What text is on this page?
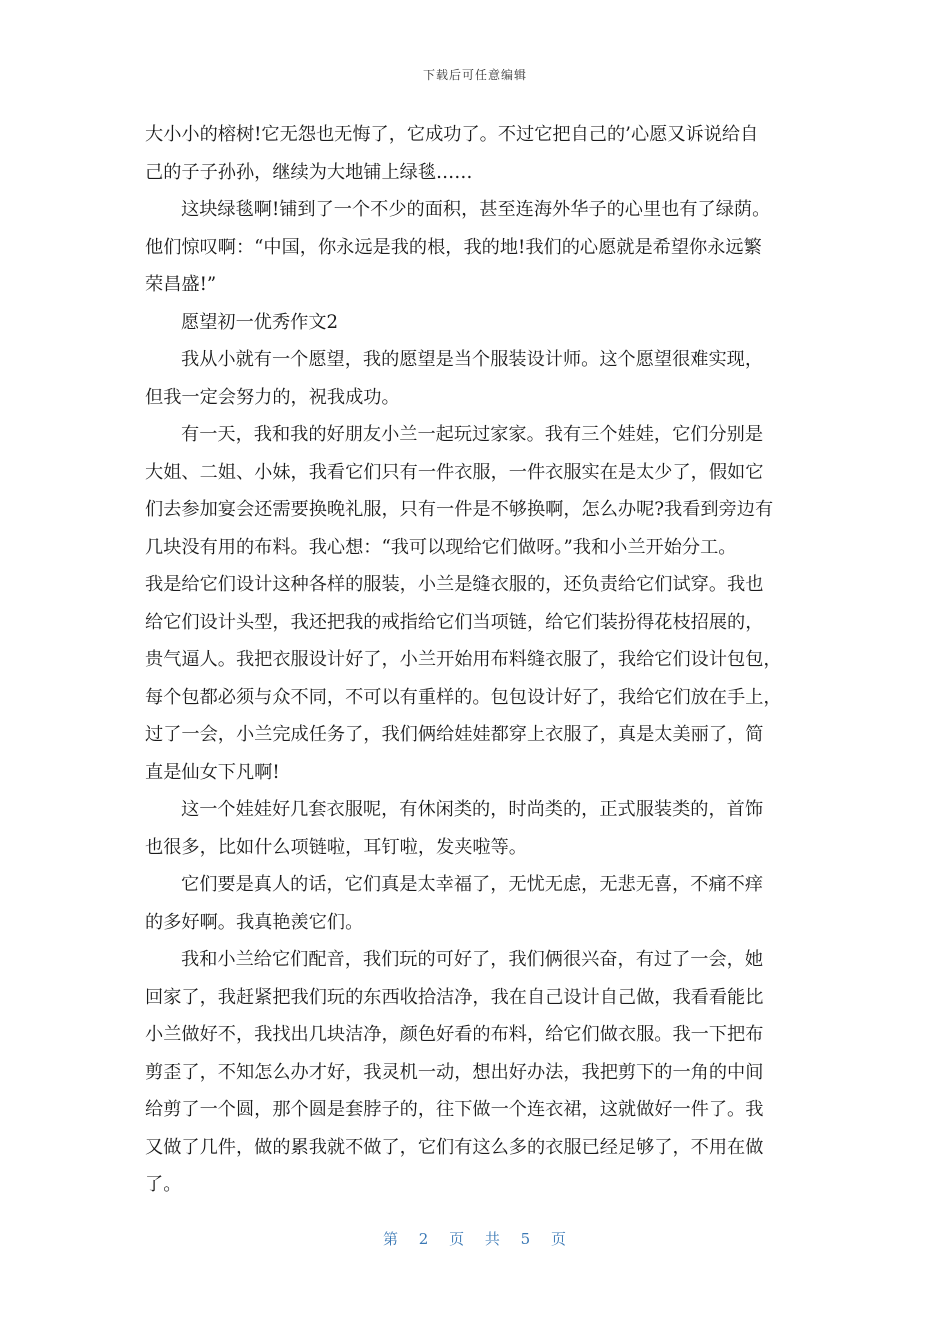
下载后可任意编辑
大小小的榕树!它无怨也无悔了，它成功了。不过它把自己的’心愿又诉说给自
己的子子孙孙，继续为大地铺上绿毯……
这块绿毯啊!铺到了一个不少的面积，甚至连海外华子的心里也有了绿荫。
他们惊叹啊：“中国，你永远是我的根，我的地!我们的心愿就是希望你永远繁
荣昌盛!”
愿望初一优秀作文2
我从小就有一个愿望，我的愿望是当个服装设计师。这个愿望很难实现，
但我一定会努力的，祝我成功。
有一天，我和我的好朋友小兰一起玩过家家。我有三个娃娃，它们分别是
大姐、二姐、小妹，我看它们只有一件衣服，一件衣服实在是太少了，假如它
们去参加宴会还需要换晚礼服，只有一件是不够换啊，怎么办呢?我看到旁边有
几块没有用的布料。我心想：“我可以现给它们做呀。”我和小兰开始分工。
我是给它们设计这种各样的服装，小兰是缝衣服的，还负责给它们试穿。我也
给它们设计头型，我还把我的戒指给它们当项链，给它们装扮得花枝招展的，
贵气逼人。我把衣服设计好了，小兰开始用布料缝衣服了，我给它们设计包包，
每个包都必须与众不同，不可以有重样的。包包设计好了，我给它们放在手上，
过了一会，小兰完成任务了，我们俩给娃娃都穿上衣服了，真是太美丽了，简
直是仙女下凡啊!
这一个娃娃好几套衣服呢，有休闲类的，时尚类的，正式服装类的，首饰
也很多，比如什么项链啦，耳钉啦，发夹啦等。
它们要是真人的话，它们真是太幸福了，无忧无虑，无悲无喜，不痛不痒
的多好啊。我真艳羡它们。
我和小兰给它们配音，我们玩的可好了，我们俩很兴奋，有过了一会，她
回家了，我赶紧把我们玩的东西收拾洁净，我在自己设计自己做，我看看能比
小兰做好不，我找出几块洁净，颜色好看的布料，给它们做衣服。我一下把布
剪歪了，不知怎么办才好，我灵机一动，想出好办法，我把剪下的一角的中间
给剪了一个圆，那个圆是套脖子的，往下做一个连衣裙，这就做好一件了。我
又做了几件，做的累我就不做了，它们有这么多的衣服已经足够了，不用在做
了。
第 2 页 共 5 页
